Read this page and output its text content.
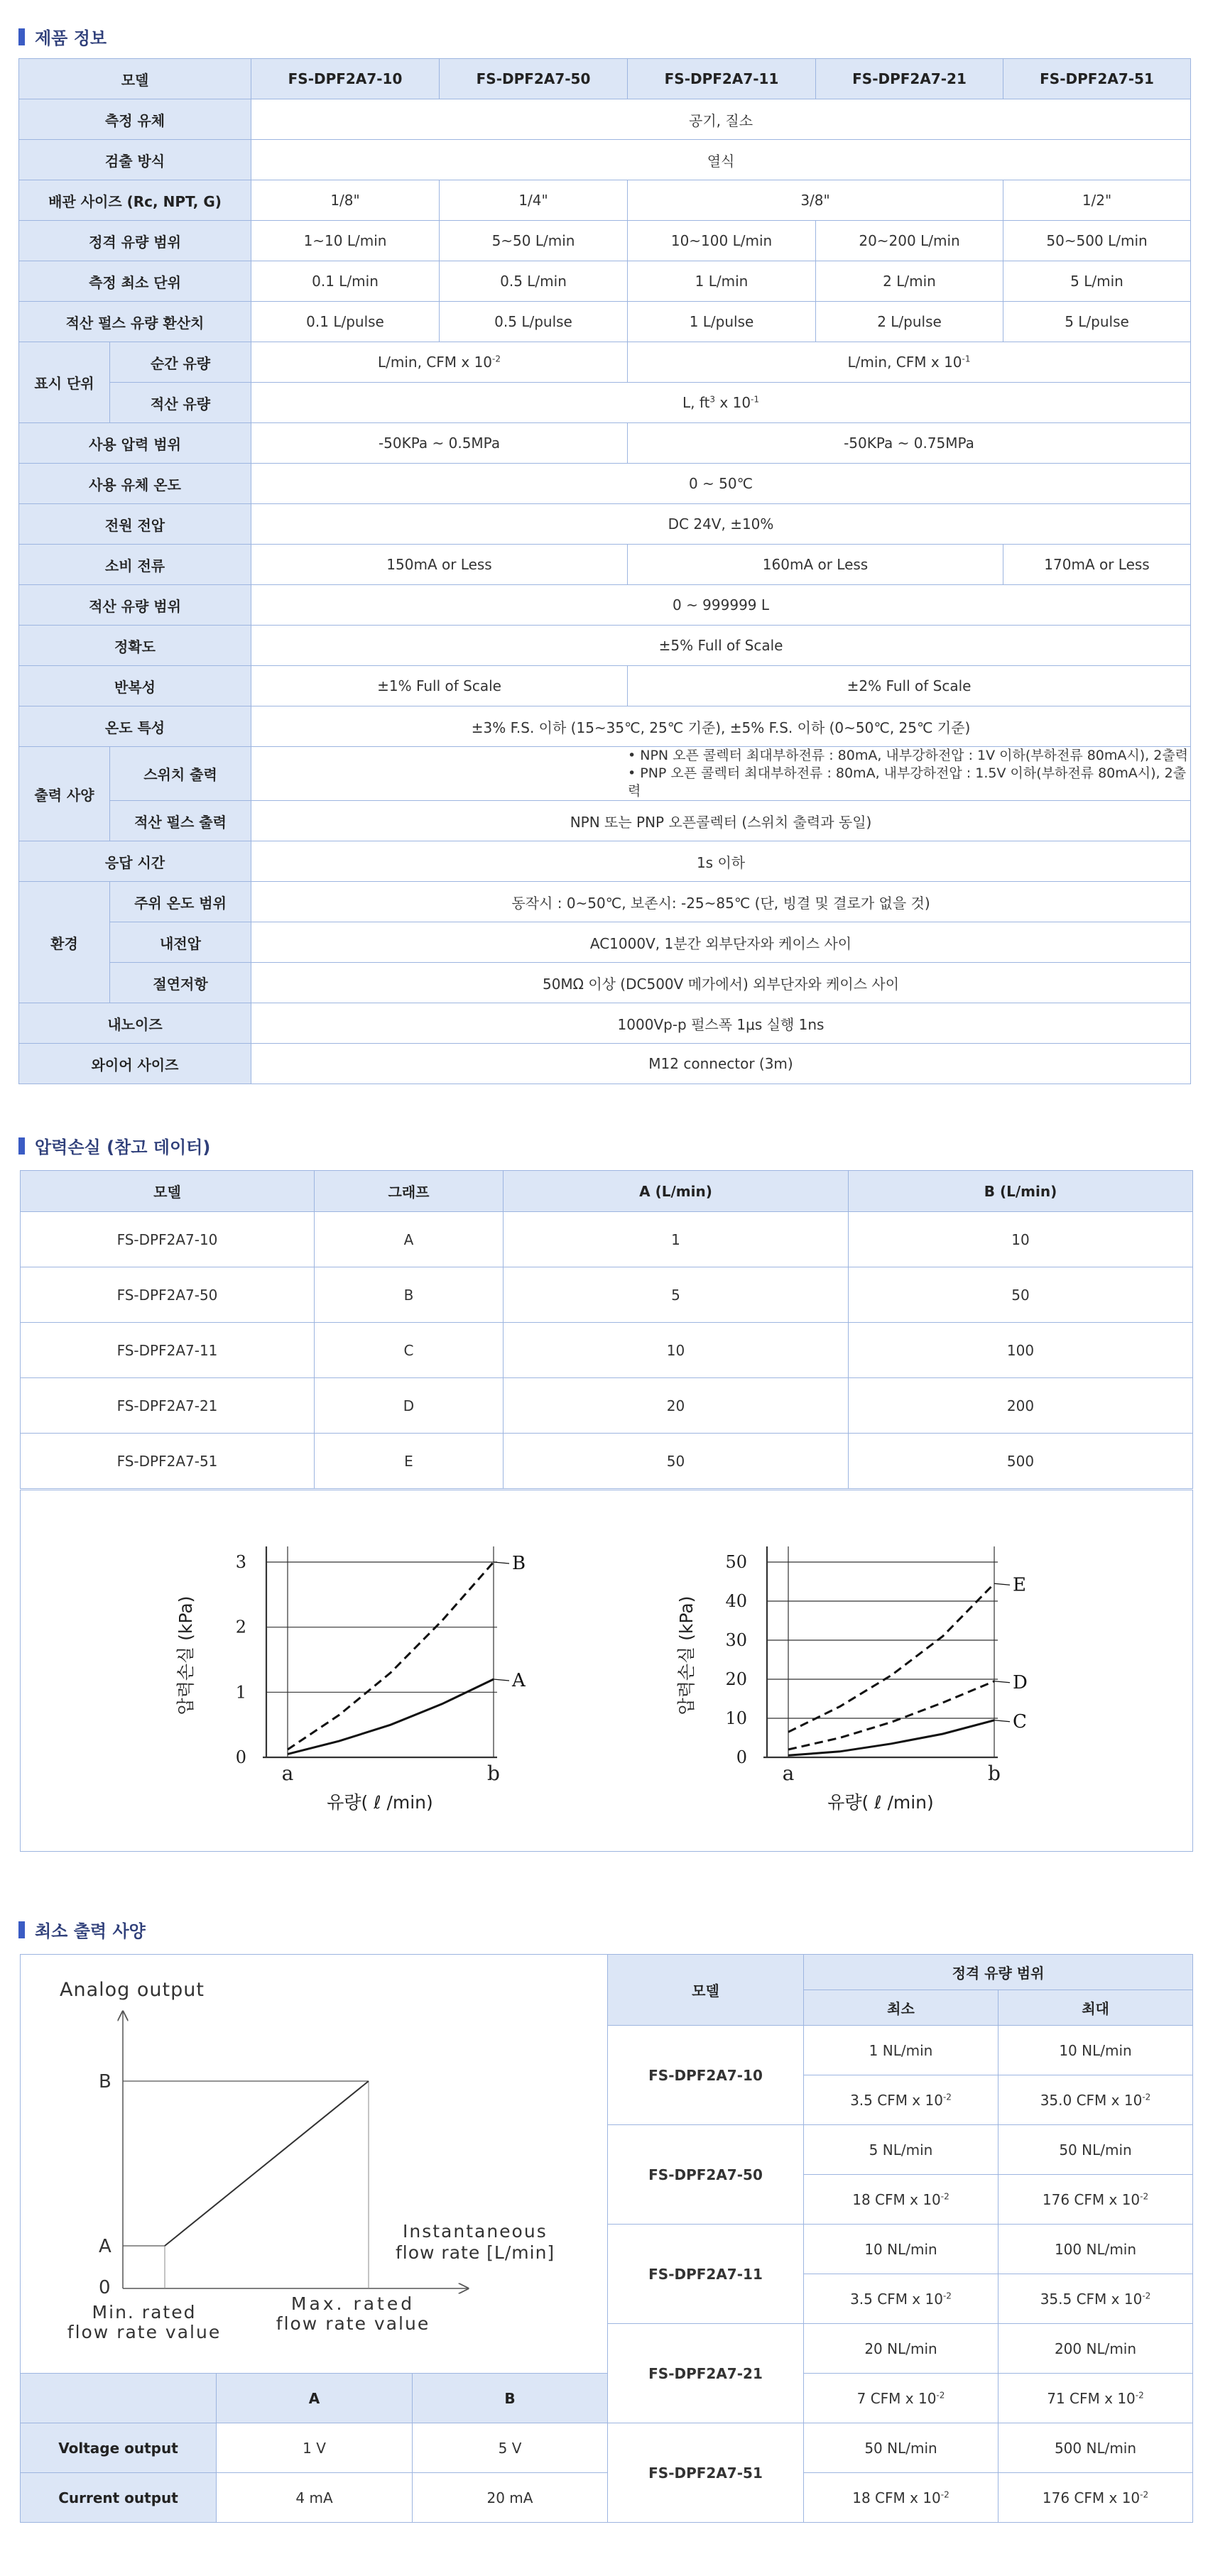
제품 정보
모델		FS-DPF2A7-10	FS-DPF2A7-50	FS-DPF2A7-11	FS-DPF2A7-21	FS-DPF2A7-51
측정 유체		공기, 질소				
검출 방식		열식				
배관 사이즈 (Rc, NPT, G)		1/8"	1/4"	3/8"		1/2"
정격 유량 범위		1~10 L/min	5~50 L/min	10~100 L/min	20~200 L/min	50~500 L/min
측정 최소 단위		0.1 L/min	0.5 L/min	1 L/min	2 L/min	5 L/min
적산 펄스 유량 환산치		0.1 L/pulse	0.5 L/pulse	1 L/pulse	2 L/pulse	5 L/pulse
표시 단위	순간 유량	L/min, CFM x $10^{-2}$		L/min, CFM x $10^{-1}$
	적산 유량	L, $ft^3$ x $10^{-1}$
사용 압력 범위		-50KPa ~ 0.5MPa		-50KPa ~ 0.75MPa		
사용 유체 온도		0 ~ 50℃				
전원 전압		DC 24V, ±10%				
소비 전류		150mA or Less		160mA or Less		170mA or Less
적산 유량 범위		0 ~ 999999 L				
정확도		±5% Full of Scale				
반복성		±1% Full of Scale		±2% Full of Scale		
온도 특성		±3% F.S. 이하 (15~35℃, 25℃ 기준), ±5% F.S. 이하 (0~50℃, 25℃ 기준)				
출력 사양	스위치 출력	• NPN 오픈 콜렉터 최대부하전류 : 80mA, 내부강하전압 : 1V 이하(부하전류 80mA시), 2출력
• PNP 오픈 콜렉터 최대부하전류 : 80mA, 내부강하전압 : 1.5V 이하(부하전류 80mA시), 2출력				

	적산 펄스 출력	NPN 또는 PNP 오픈콜렉터 (스위치 출력과 동일)				
응답 시간		1s 이하				
환경	주위 온도 범위	동작시 : 0~50℃, 보존시: -25~85℃ (단, 빙결 및 결로가 없을 것)				
	내전압	AC1000V, 1분간 외부단자와 케이스 사이				
	절연저항	50MΩ 이상 (DC500V 메가에서) 외부단자와 케이스 사이				
내노이즈		1000Vp-p 펄스폭 1μs 실행 1ns				
와이어 사이즈		M12 connector (3m)				
압력손실 (참고 데이터)
모델	그래프	A (L/min)	B (L/min)
FS-DPF2A7-10	A	1	10
FS-DPF2A7-50	B	5	50
FS-DPF2A7-11	C	10	100
FS-DPF2A7-21	D	20	200
FS-DPF2A7-51	E	50	500
0
1
2
3
a	b
유량( ℓ /min)
압력손실 (kPa)	A
B
0
10
20
30
40
50
a	b
유량( ℓ /min)
압력손실 (kPa)
C
D
E
최소 출력 사양
Analog output
B
A
0
Instantaneous
flow rate [L/min]
Min. rated
flow rate value
Max. rated
flow rate value
	A	B
Voltage output	1 V	5 V
Current output	4 mA	20 mA
모델	정격 유량 범위	
	최소	최대
FS-DPF2A7-10	1 NL/min	10 NL/min
	3.5 CFM x $10^{-2}$	35.0 CFM x $10^{-2}$
FS-DPF2A7-50	5 NL/min	50 NL/min
	18 CFM x $10^{-2}$	176 CFM x $10^{-2}$
FS-DPF2A7-11	10 NL/min	100 NL/min
	3.5 CFM x $10^{-2}$	35.5 CFM x $10^{-2}$
FS-DPF2A7-21	20 NL/min	200 NL/min
	7 CFM x $10^{-2}$	71 CFM x $10^{-2}$
FS-DPF2A7-51	50 NL/min	500 NL/min
	18 CFM x $10^{-2}$	176 CFM x $10^{-2}$
